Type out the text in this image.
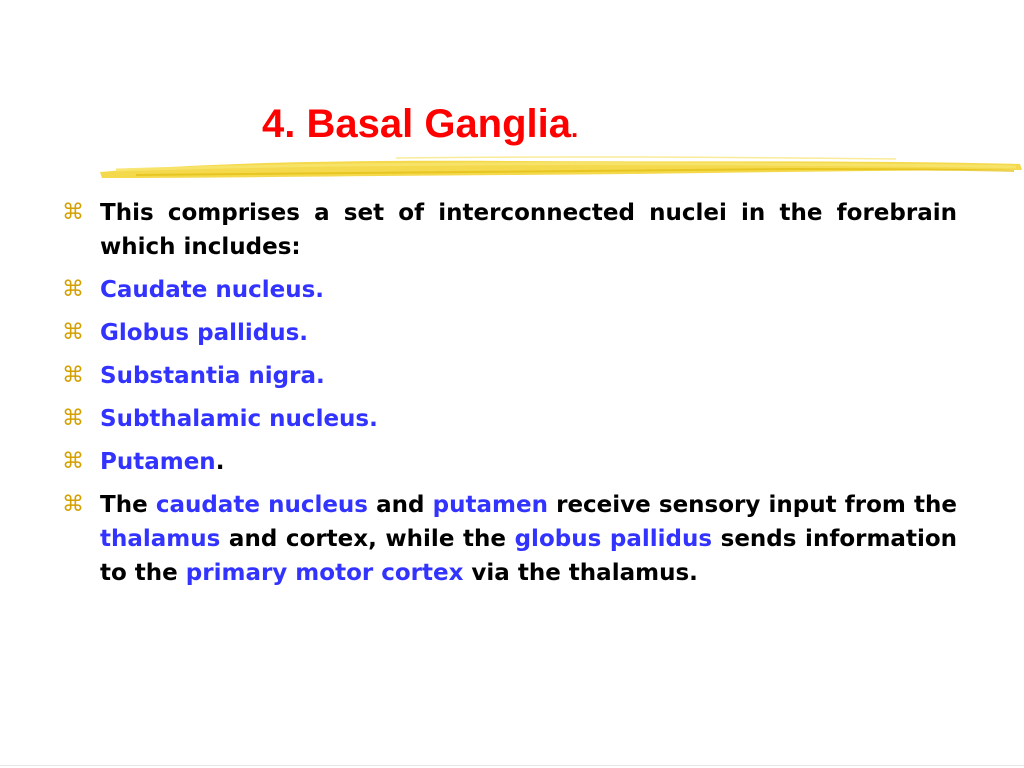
4. Basal Ganglia.
⌘ This comprises a set of interconnected nuclei in the forebrain which includes:
⌘ Caudate nucleus.
⌘ Globus pallidus.
⌘ Substantia nigra.
⌘ Subthalamic nucleus.
⌘ Putamen.
⌘ The caudate nucleus and putamen receive sensory input from the thalamus and cortex, while the globus pallidus sends information to the primary motor cortex via the thalamus.
